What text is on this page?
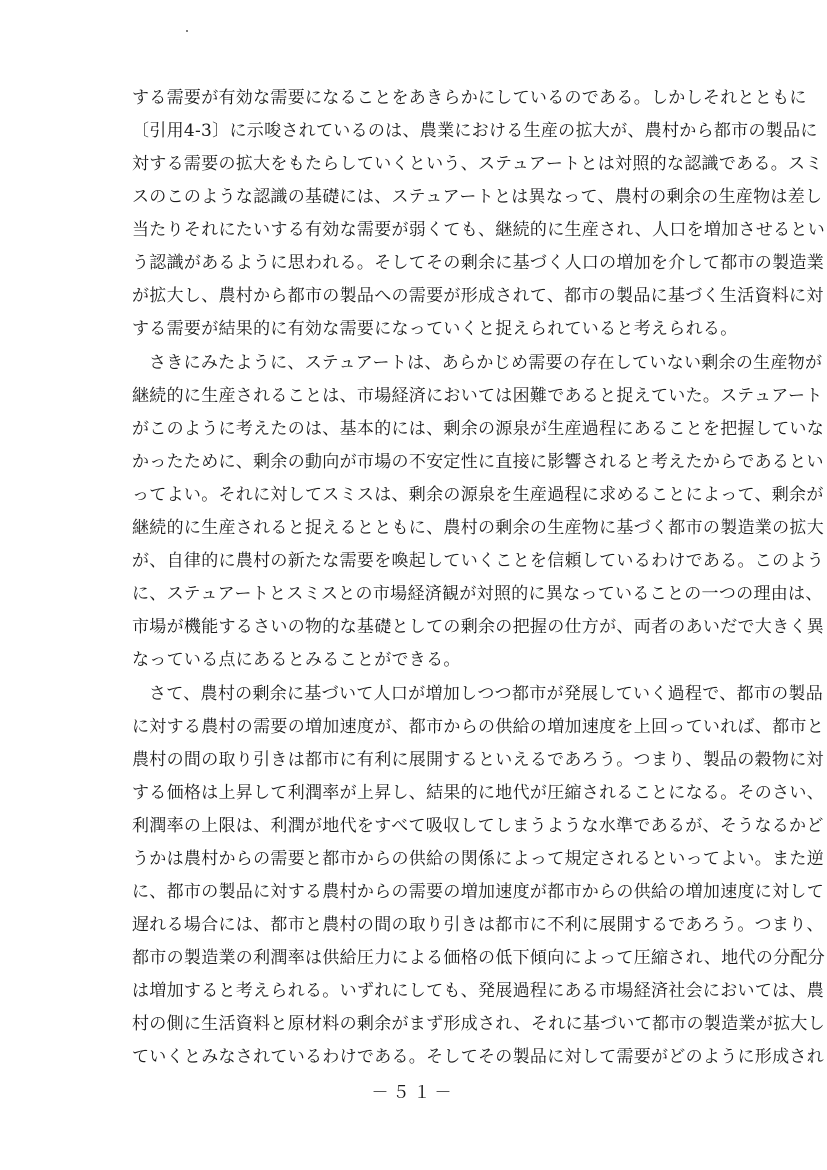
する需要が有効な需要になることをあきらかにしているのである。しかしそれとともに
〔引用4-3〕に示唆されているのは、農業における生産の拡大が、農村から都市の製品に
対する需要の拡大をもたらしていくという、ステュアートとは対照的な認識である。スミ
スのこのような認識の基礎には、ステュアートとは異なって、農村の剰余の生産物は差し
当たりそれにたいする有効な需要が弱くても、継続的に生産され、人口を増加させるとい
う認識があるように思われる。そしてその剰余に基づく人口の増加を介して都市の製造業
が拡大し、農村から都市の製品への需要が形成されて、都市の製品に基づく生活資料に対
する需要が結果的に有効な需要になっていくと捉えられていると考えられる。
さきにみたように、ステュアートは、あらかじめ需要の存在していない剰余の生産物が
継続的に生産されることは、市場経済においては困難であると捉えていた。ステュアート
がこのように考えたのは、基本的には、剰余の源泉が生産過程にあることを把握していな
かったために、剰余の動向が市場の不安定性に直接に影響されると考えたからであるとい
ってよい。それに対してスミスは、剰余の源泉を生産過程に求めることによって、剰余が
継続的に生産されると捉えるとともに、農村の剰余の生産物に基づく都市の製造業の拡大
が、自律的に農村の新たな需要を喚起していくことを信頼しているわけである。このよう
に、ステュアートとスミスとの市場経済観が対照的に異なっていることの一つの理由は、
市場が機能するさいの物的な基礎としての剰余の把握の仕方が、両者のあいだで大きく異
なっている点にあるとみることができる。
さて、農村の剰余に基づいて人口が増加しつつ都市が発展していく過程で、都市の製品
に対する農村の需要の増加速度が、都市からの供給の増加速度を上回っていれば、都市と
農村の間の取り引きは都市に有利に展開するといえるであろう。つまり、製品の穀物に対
する価格は上昇して利潤率が上昇し、結果的に地代が圧縮されることになる。そのさい、
利潤率の上限は、利潤が地代をすべて吸収してしまうような水準であるが、そうなるかど
うかは農村からの需要と都市からの供給の関係によって規定されるといってよい。また逆
に、都市の製品に対する農村からの需要の増加速度が都市からの供給の増加速度に対して
遅れる場合には、都市と農村の間の取り引きは都市に不利に展開するであろう。つまり、
都市の製造業の利潤率は供給圧力による価格の低下傾向によって圧縮され、地代の分配分
は増加すると考えられる。いずれにしても、発展過程にある市場経済社会においては、農
村の側に生活資料と原材料の剰余がまず形成され、それに基づいて都市の製造業が拡大し
ていくとみなされているわけである。そしてその製品に対して需要がどのように形成され
－５１－
